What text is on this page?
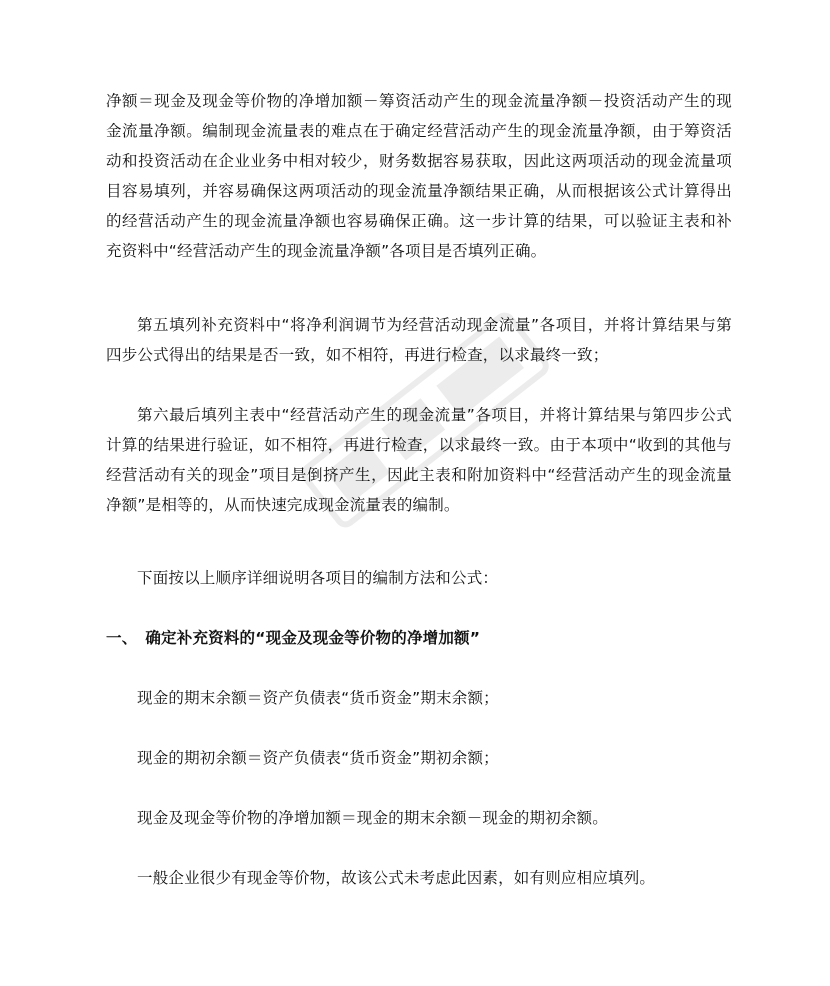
净额＝现金及现金等价物的净增加额－筹资活动产生的现金流量净额－投资活动产生的现金流量净额。编制现金流量表的难点在于确定经营活动产生的现金流量净额，由于筹资活动和投资活动在企业业务中相对较少，财务数据容易获取，因此这两项活动的现金流量项目容易填列，并容易确保这两项活动的现金流量净额结果正确，从而根据该公式计算得出的经营活动产生的现金流量净额也容易确保正确。这一步计算的结果，可以验证主表和补充资料中“经营活动产生的现金流量净额”各项目是否填列正确。

第五填列补充资料中“将净利润调节为经营活动现金流量”各项目，并将计算结果与第四步公式得出的结果是否一致，如不相符，再进行检查，以求最终一致；

第六最后填列主表中“经营活动产生的现金流量”各项目，并将计算结果与第四步公式计算的结果进行验证，如不相符，再进行检查，以求最终一致。由于本项中“收到的其他与经营活动有关的现金”项目是倒挤产生，因此主表和附加资料中“经营活动产生的现金流量净额”是相等的，从而快速完成现金流量表的编制。

下面按以上顺序详细说明各项目的编制方法和公式：

一、　确定补充资料的“现金及现金等价物的净增加额”

现金的期末余额＝资产负债表“货币资金”期末余额；

现金的期初余额＝资产负债表“货币资金”期初余额；

现金及现金等价物的净增加额＝现金的期末余额－现金的期初余额。

一般企业很少有现金等价物，故该公式未考虑此因素，如有则应相应填列。
